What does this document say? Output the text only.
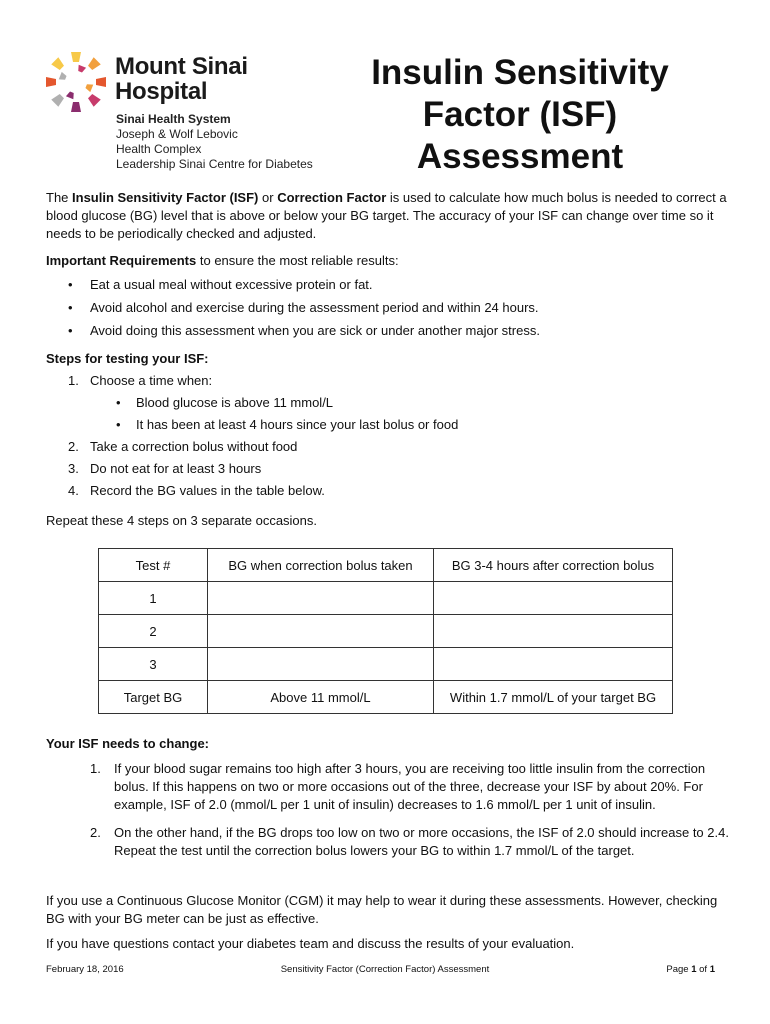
Mount Sinai
Hospital
Sinai Health System
Joseph & Wolf Lebovic
Health Complex
Leadership Sinai Centre for Diabetes
Insulin Sensitivity
Factor (ISF)
Assessment
The Insulin Sensitivity Factor (ISF) or Correction Factor is used to calculate how much bolus is needed to correct a blood glucose (BG) level that is above or below your BG target. The accuracy of your ISF can change over time so it needs to be periodically checked and adjusted.
Important Requirements to ensure the most reliable results:
• Eat a usual meal without excessive protein or fat.
• Avoid alcohol and exercise during the assessment period and within 24 hours.
• Avoid doing this assessment when you are sick or under another major stress.
Steps for testing your ISF:
1. Choose a time when:
• Blood glucose is above 11 mmol/L
• It has been at least 4 hours since your last bolus or food
2. Take a correction bolus without food
3. Do not eat for at least 3 hours
4. Record the BG values in the table below.
Repeat these 4 steps on 3 separate occasions.
Test #	BG when correction bolus taken	BG 3-4 hours after correction bolus
1		
2		
3		
Target BG	Above 11 mmol/L	Within 1.7 mmol/L of your target BG
Your ISF needs to change:
1. If your blood sugar remains too high after 3 hours, you are receiving too little insulin from the correction bolus. If this happens on two or more occasions out of the three, decrease your ISF by about 20%. For example, ISF of 2.0 (mmol/L per 1 unit of insulin) decreases to 1.6 mmol/L per 1 unit of insulin.
2. On the other hand, if the BG drops too low on two or more occasions, the ISF of 2.0 should increase to 2.4. Repeat the test until the correction bolus lowers your BG to within 1.7 mmol/L of the target.
If you use a Continuous Glucose Monitor (CGM) it may help to wear it during these assessments. However, checking BG with your BG meter can be just as effective.
If you have questions contact your diabetes team and discuss the results of your evaluation.
Sensitivity Factor (Correction Factor) Assessment
February 18, 2016	Page 1 of 1
